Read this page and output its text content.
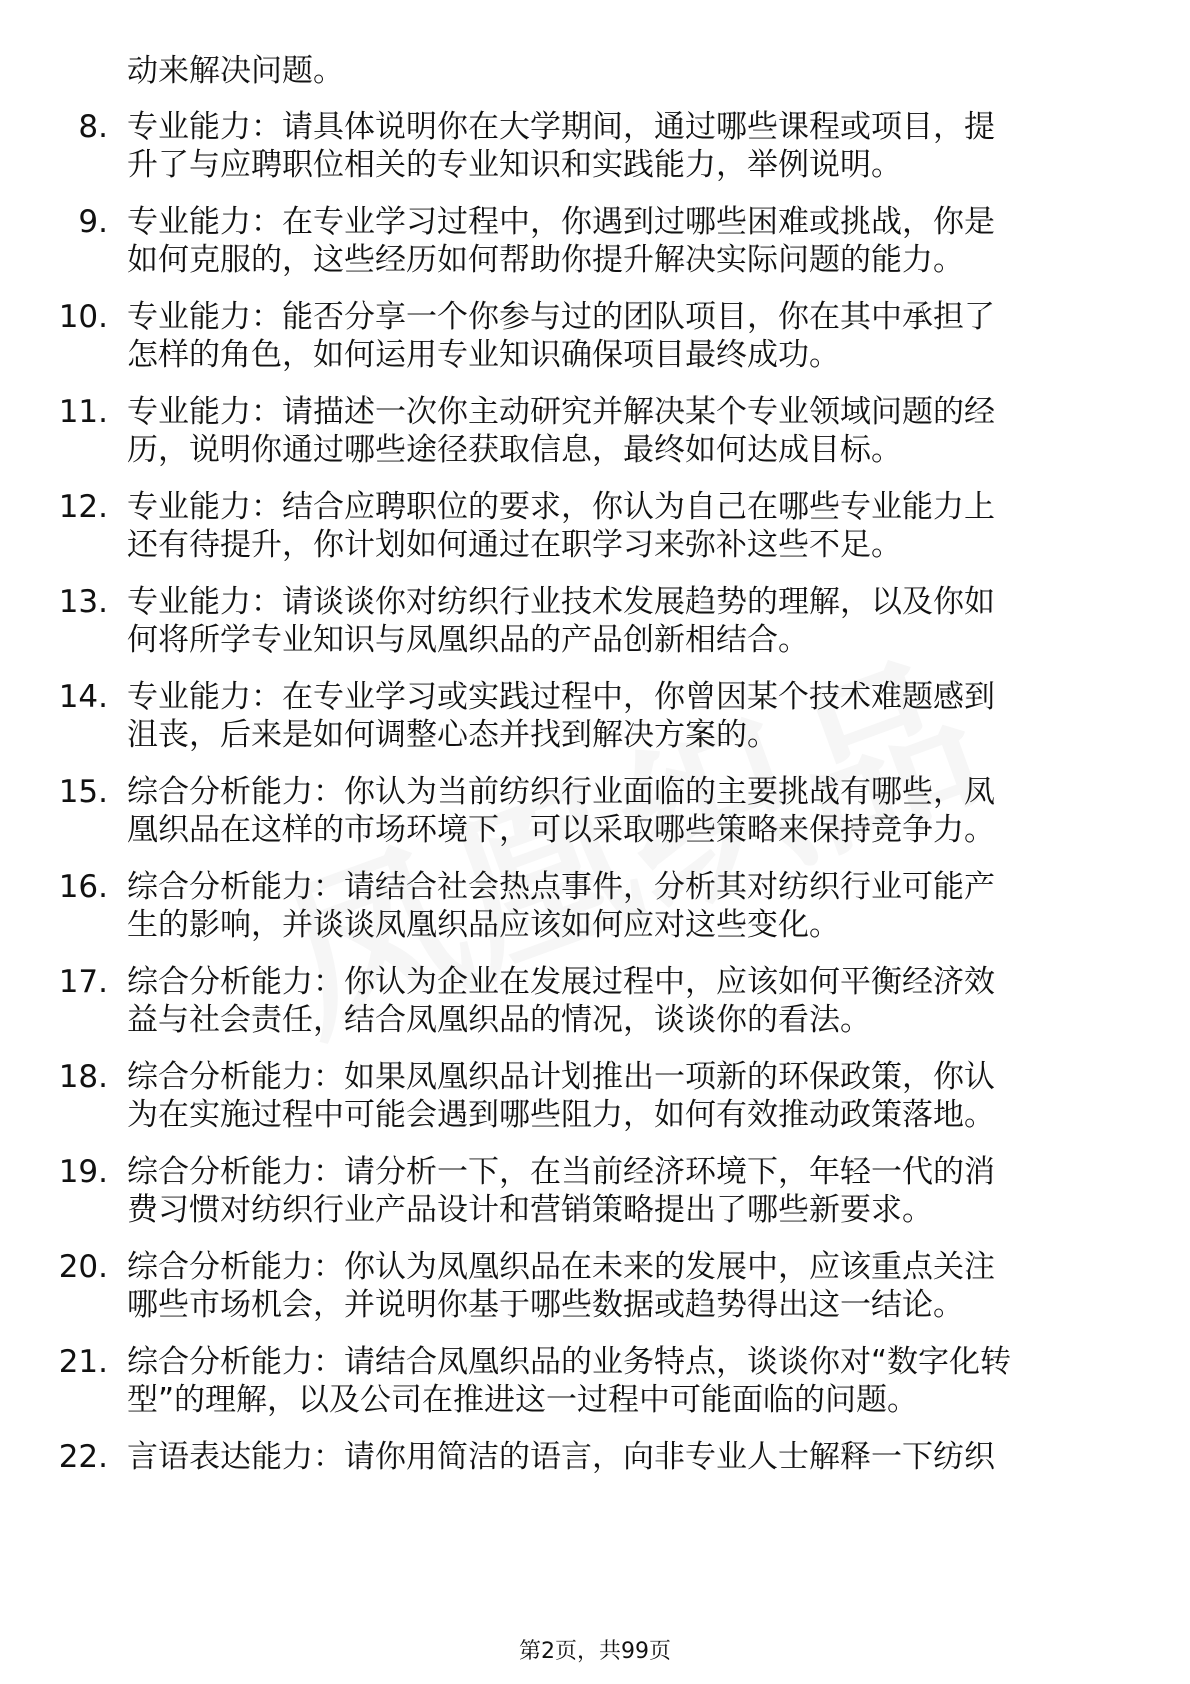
动来解决问题。
8. 专业能力：请具体说明你在大学期间，通过哪些课程或项目，提
升了与应聘职位相关的专业知识和实践能力，举例说明。
9. 专业能力：在专业学习过程中，你遇到过哪些困难或挑战，你是
如何克服的，这些经历如何帮助你提升解决实际问题的能力。
10. 专业能力：能否分享一个你参与过的团队项目，你在其中承担了
怎样的角色，如何运用专业知识确保项目最终成功。
11. 专业能力：请描述一次你主动研究并解决某个专业领域问题的经
历，说明你通过哪些途径获取信息，最终如何达成目标。
12. 专业能力：结合应聘职位的要求，你认为自己在哪些专业能力上
还有待提升，你计划如何通过在职学习来弥补这些不足。
13. 专业能力：请谈谈你对纺织行业技术发展趋势的理解，以及你如
何将所学专业知识与凤凰织品的产品创新相结合。
14. 专业能力：在专业学习或实践过程中，你曾因某个技术难题感到
沮丧，后来是如何调整心态并找到解决方案的。
15. 综合分析能力：你认为当前纺织行业面临的主要挑战有哪些，凤
凰织品在这样的市场环境下，可以采取哪些策略来保持竞争力。
16. 综合分析能力：请结合社会热点事件，分析其对纺织行业可能产
生的影响，并谈谈凤凰织品应该如何应对这些变化。
17. 综合分析能力：你认为企业在发展过程中，应该如何平衡经济效
益与社会责任，结合凤凰织品的情况，谈谈你的看法。
18. 综合分析能力：如果凤凰织品计划推出一项新的环保政策，你认
为在实施过程中可能会遇到哪些阻力，如何有效推动政策落地。
19. 综合分析能力：请分析一下，在当前经济环境下，年轻一代的消
费习惯对纺织行业产品设计和营销策略提出了哪些新要求。
20. 综合分析能力：你认为凤凰织品在未来的发展中，应该重点关注
哪些市场机会，并说明你基于哪些数据或趋势得出这一结论。
21. 综合分析能力：请结合凤凰织品的业务特点，谈谈你对“数字化转
型”的理解，以及公司在推进这一过程中可能面临的问题。
22. 言语表达能力：请你用简洁的语言，向非专业人士解释一下纺织
第2页，共99页
